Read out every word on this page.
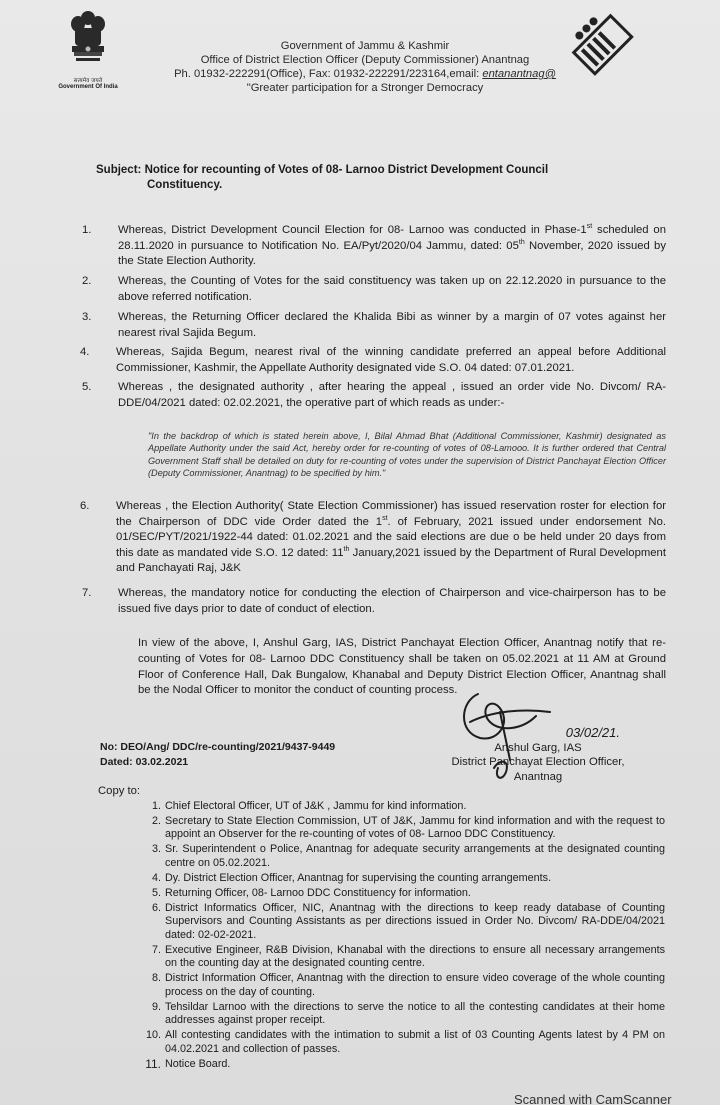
सत्यमेव जयते
Government Of India
Government of Jammu & Kashmir
Office of District Election Officer (Deputy Commissioner) Anantnag
Ph. 01932-222291(Office), Fax: 01932-222291/223164,email: entanantnag@
"Greater participation for a Stronger Democracy
Subject: Notice for recounting of Votes of 08- Larnoo District Development Council
Constituency.
1. Whereas, District Development Council Election for 08- Larnoo was conducted in Phase-1st scheduled on 28.11.2020 in pursuance to Notification No. EA/Pyt/2020/04 Jammu, dated: 05th November, 2020 issued by the State Election Authority.
2. Whereas, the Counting of Votes for the said constituency was taken up on 22.12.2020 in pursuance to the above referred notification.
3. Whereas, the Returning Officer declared the Khalida Bibi as winner by a margin of 07 votes against her nearest rival Sajida Begum.
4. Whereas, Sajida Begum, nearest rival of the winning candidate preferred an appeal before Additional Commissioner, Kashmir, the Appellate Authority designated vide S.O. 04 dated: 07.01.2021.
5. Whereas , the designated authority , after hearing the appeal , issued an order vide No. Divcom/ RA-DDE/04/2021 dated: 02.02.2021, the operative part of which reads as under:-
"In the backdrop of which is stated herein above, I, Bilal Ahmad Bhat (Additional Commissioner, Kashmir) designated as Appellate Authority under the said Act, hereby order for re-counting of votes of 08-Lamooo. It is further ordered that Central Government Staff shall be detailed on duty for re-counting of votes under the supervision of District Panchayat Election Officer (Deputy Commissioner, Anantnag) to be specified by him."
6. Whereas , the Election Authority( State Election Commissioner) has issued reservation roster for election for the Chairperson of DDC vide Order dated the 1st. of February, 2021 issued under endorsement No. 01/SEC/PYT/2021/1922-44 dated: 01.02.2021 and the said elections are due o be held under 20 days from this date as mandated vide S.O. 12 dated: 11th January,2021 issued by the Department of Rural Development and Panchayati Raj, J&K
7. Whereas, the mandatory notice for conducting the election of Chairperson and vice-chairperson has to be issued five days prior to date of conduct of election.
In view of the above, I, Anshul Garg, IAS, District Panchayat Election Officer, Anantnag notify that re-counting of Votes for 08- Larnoo DDC Constituency shall be taken on 05.02.2021 at 11 AM at Ground Floor of Conference Hall, Dak Bungalow, Khanabal and Deputy District Election Officer, Anantnag shall be the Nodal Officer to monitor the conduct of counting process.
No: DEO/Ang/ DDC/re-counting/2021/9437-9449
Dated: 03.02.2021
03/02/21.
Anshul Garg, IAS
District Panchayat Election Officer,
Anantnag
Copy to:
1. Chief Electoral Officer, UT of J&K , Jammu for kind information.
2. Secretary to State Election Commission, UT of J&K, Jammu for kind information and with the request to appoint an Observer for the re-counting of votes of 08- Larnoo DDC Constituency.
3. Sr. Superintendent o Police, Anantnag for adequate security arrangements at the designated counting centre on 05.02.2021.
4. Dy. District Election Officer, Anantnag for supervising the counting arrangements.
5. Returning Officer, 08- Larnoo DDC Constituency for information.
6. District Informatics Officer, NIC, Anantnag with the directions to keep ready database of Counting Supervisors and Counting Assistants as per directions issued in Order No. Divcom/ RA-DDE/04/2021 dated: 02-02-2021.
7. Executive Engineer, R&B Division, Khanabal with the directions to ensure all necessary arrangements on the counting day at the designated counting centre.
8. District Information Officer, Anantnag with the direction to ensure video coverage of the whole counting process on the day of counting.
9. Tehsildar Larnoo with the directions to serve the notice to all the contesting candidates at their home addresses against proper receipt.
10. All contesting candidates with the intimation to submit a list of 03 Counting Agents latest by 4 PM on 04.02.2021 and collection of passes.
11. Notice Board.
Scanned with CamScanner
